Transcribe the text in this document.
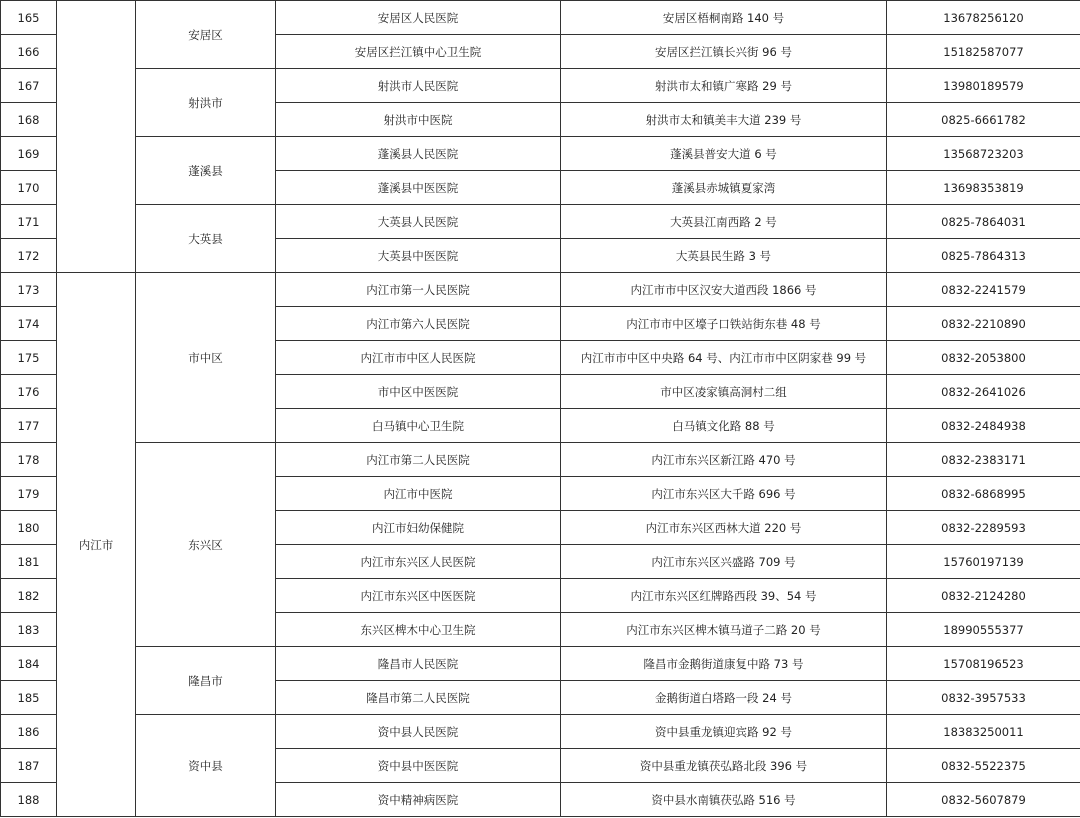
165		安居区	安居区人民医院	安居区梧桐南路 140 号	13678256120
166			安居区拦江镇中心卫生院	安居区拦江镇长兴街 96 号	15182587077
167		射洪市	射洪市人民医院	射洪市太和镇广寒路 29 号	13980189579
168			射洪市中医院	射洪市太和镇美丰大道 239 号	0825-6661782
169		蓬溪县	蓬溪县人民医院	蓬溪县普安大道 6 号	13568723203
170			蓬溪县中医医院	蓬溪县赤城镇夏家湾	13698353819
171		大英县	大英县人民医院	大英县江南西路 2 号	0825-7864031
172			大英县中医医院	大英县民生路 3 号	0825-7864313
173	内江市	市中区	内江市第一人民医院	内江市市中区汉安大道西段 1866 号	0832-2241579
174			内江市第六人民医院	内江市市中区壕子口铁站街东巷 48 号	0832-2210890
175			内江市市中区人民医院	内江市市中区中央路 64 号、内江市市中区阴家巷 99 号	0832-2053800
176			市中区中医医院	市中区凌家镇高洞村二组	0832-2641026
177			白马镇中心卫生院	白马镇文化路 88 号	0832-2484938
178		东兴区	内江市第二人民医院	内江市东兴区新江路 470 号	0832-2383171
179			内江市中医院	内江市东兴区大千路 696 号	0832-6868995
180			内江市妇幼保健院	内江市东兴区西林大道 220 号	0832-2289593
181			内江市东兴区人民医院	内江市东兴区兴盛路 709 号	15760197139
182			内江市东兴区中医医院	内江市东兴区红牌路西段 39、54 号	0832-2124280
183			东兴区椑木中心卫生院	内江市东兴区椑木镇马道子二路 20 号	18990555377
184		隆昌市	隆昌市人民医院	隆昌市金鹅街道康复中路 73 号	15708196523
185			隆昌市第二人民医院	金鹅街道白塔路一段 24 号	0832-3957533
186		资中县	资中县人民医院	资中县重龙镇迎宾路 92 号	18383250011
187			资中县中医医院	资中县重龙镇茯弘路北段 396 号	0832-5522375
188			资中精神病医院	资中县水南镇茯弘路 516 号	0832-5607879
